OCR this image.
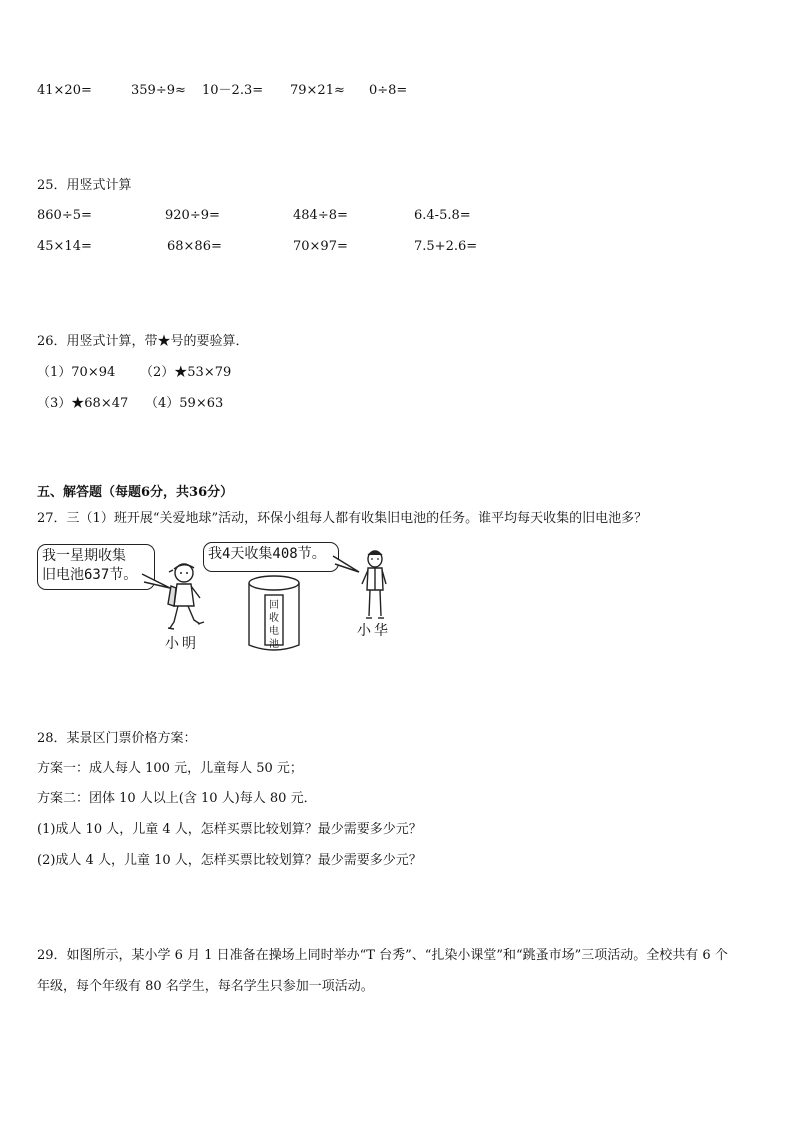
41×20=	359÷9≈ 10－2.3= 79×21≈ 0÷8=
25．用竖式计算
860÷5=	920÷9=	484÷8=	6.4-5.8=
45×14=	68×86=	70×97=	7.5+2.6=
26．用竖式计算，带★号的要验算．
（1）70×94 （2）★53×79
（3）★68×47 （4）59×63
五、解答题（每题6分，共36分）
27．三（1）班开展“关爱地球”活动，环保小组每人都有收集旧电池的任务。谁平均每天收集的旧电池多？
我一星期收集
旧电池637节。
我4天收集408节。
小明
回
收
电
池
小华
28．某景区门票价格方案：
方案一：成人每人 100 元，儿童每人 50 元；
方案二：团体 10 人以上(含 10 人)每人 80 元．
(1)成人 10 人，儿童 4 人，怎样买票比较划算？最少需要多少元？
(2)成人 4 人，儿童 10 人，怎样买票比较划算？最少需要多少元？
29．如图所示，某小学 6 月 1 日准备在操场上同时举办“T 台秀”、“扎染小课堂”和“跳蚤市场”三项活动。全校共有 6 个
年级，每个年级有 80 名学生，每名学生只参加一项活动。
